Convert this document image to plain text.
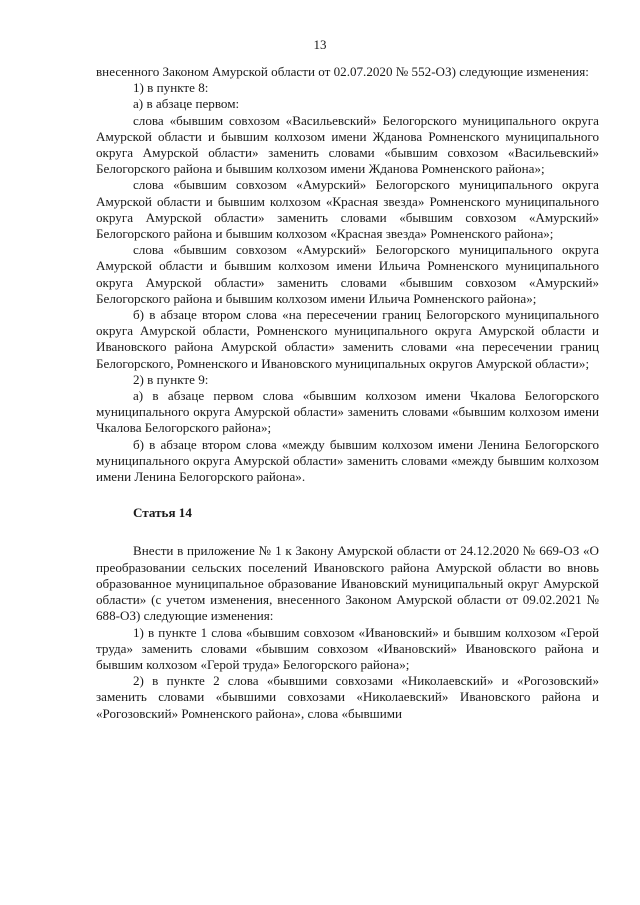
13

внесенного Законом Амурской области от 02.07.2020 № 552-ОЗ) следующие изменения:

1) в пункте 8:

а) в абзаце первом:

слова «бывшим совхозом «Васильевский» Белогорского муниципального округа Амурской области и бывшим колхозом имени Жданова Ромненского муниципального округа Амурской области» заменить словами «бывшим совхозом «Васильевский» Белогорского района и бывшим колхозом имени Жданова Ромненского района»;

слова «бывшим совхозом «Амурский» Белогорского муниципального округа Амурской области и бывшим колхозом «Красная звезда» Ромненского муниципального округа Амурской области» заменить словами «бывшим совхозом «Амурский» Белогорского района и бывшим колхозом «Красная звезда» Ромненского района»;

слова «бывшим совхозом «Амурский» Белогорского муниципального округа Амурской области и бывшим колхозом имени Ильича Ромненского муниципального округа Амурской области» заменить словами «бывшим совхозом «Амурский» Белогорского района и бывшим колхозом имени Ильича Ромненского района»;

б) в абзаце втором слова «на пересечении границ Белогорского муниципального округа Амурской области, Ромненского муниципального округа Амурской области и Ивановского района Амурской области» заменить словами «на пересечении границ Белогорского, Ромненского и Ивановского муниципальных округов Амурской области»;

2) в пункте 9:

а) в абзаце первом слова «бывшим колхозом имени Чкалова Белогорского муниципального округа Амурской области» заменить словами «бывшим колхозом имени Чкалова Белогорского района»;

б) в абзаце втором слова «между бывшим колхозом имени Ленина Белогорского муниципального округа Амурской области» заменить словами «между бывшим колхозом имени Ленина Белогорского района».

Статья 14

Внести в приложение № 1 к Закону Амурской области от 24.12.2020 № 669-ОЗ «О преобразовании сельских поселений Ивановского района Амурской области во вновь образованное муниципальное образование Ивановский муниципальный округ Амурской области» (с учетом изменения, внесенного Законом Амурской области от 09.02.2021 № 688-ОЗ) следующие изменения:

1) в пункте 1 слова «бывшим совхозом «Ивановский» и бывшим колхозом «Герой труда» заменить словами «бывшим совхозом «Ивановский» Ивановского района и бывшим колхозом «Герой труда» Белогорского района»;

2) в пункте 2 слова «бывшими совхозами «Николаевский» и «Рогозовский» заменить словами «бывшими совхозами «Николаевский» Ивановского района и «Рогозовский» Ромненского района», слова «бывшими
